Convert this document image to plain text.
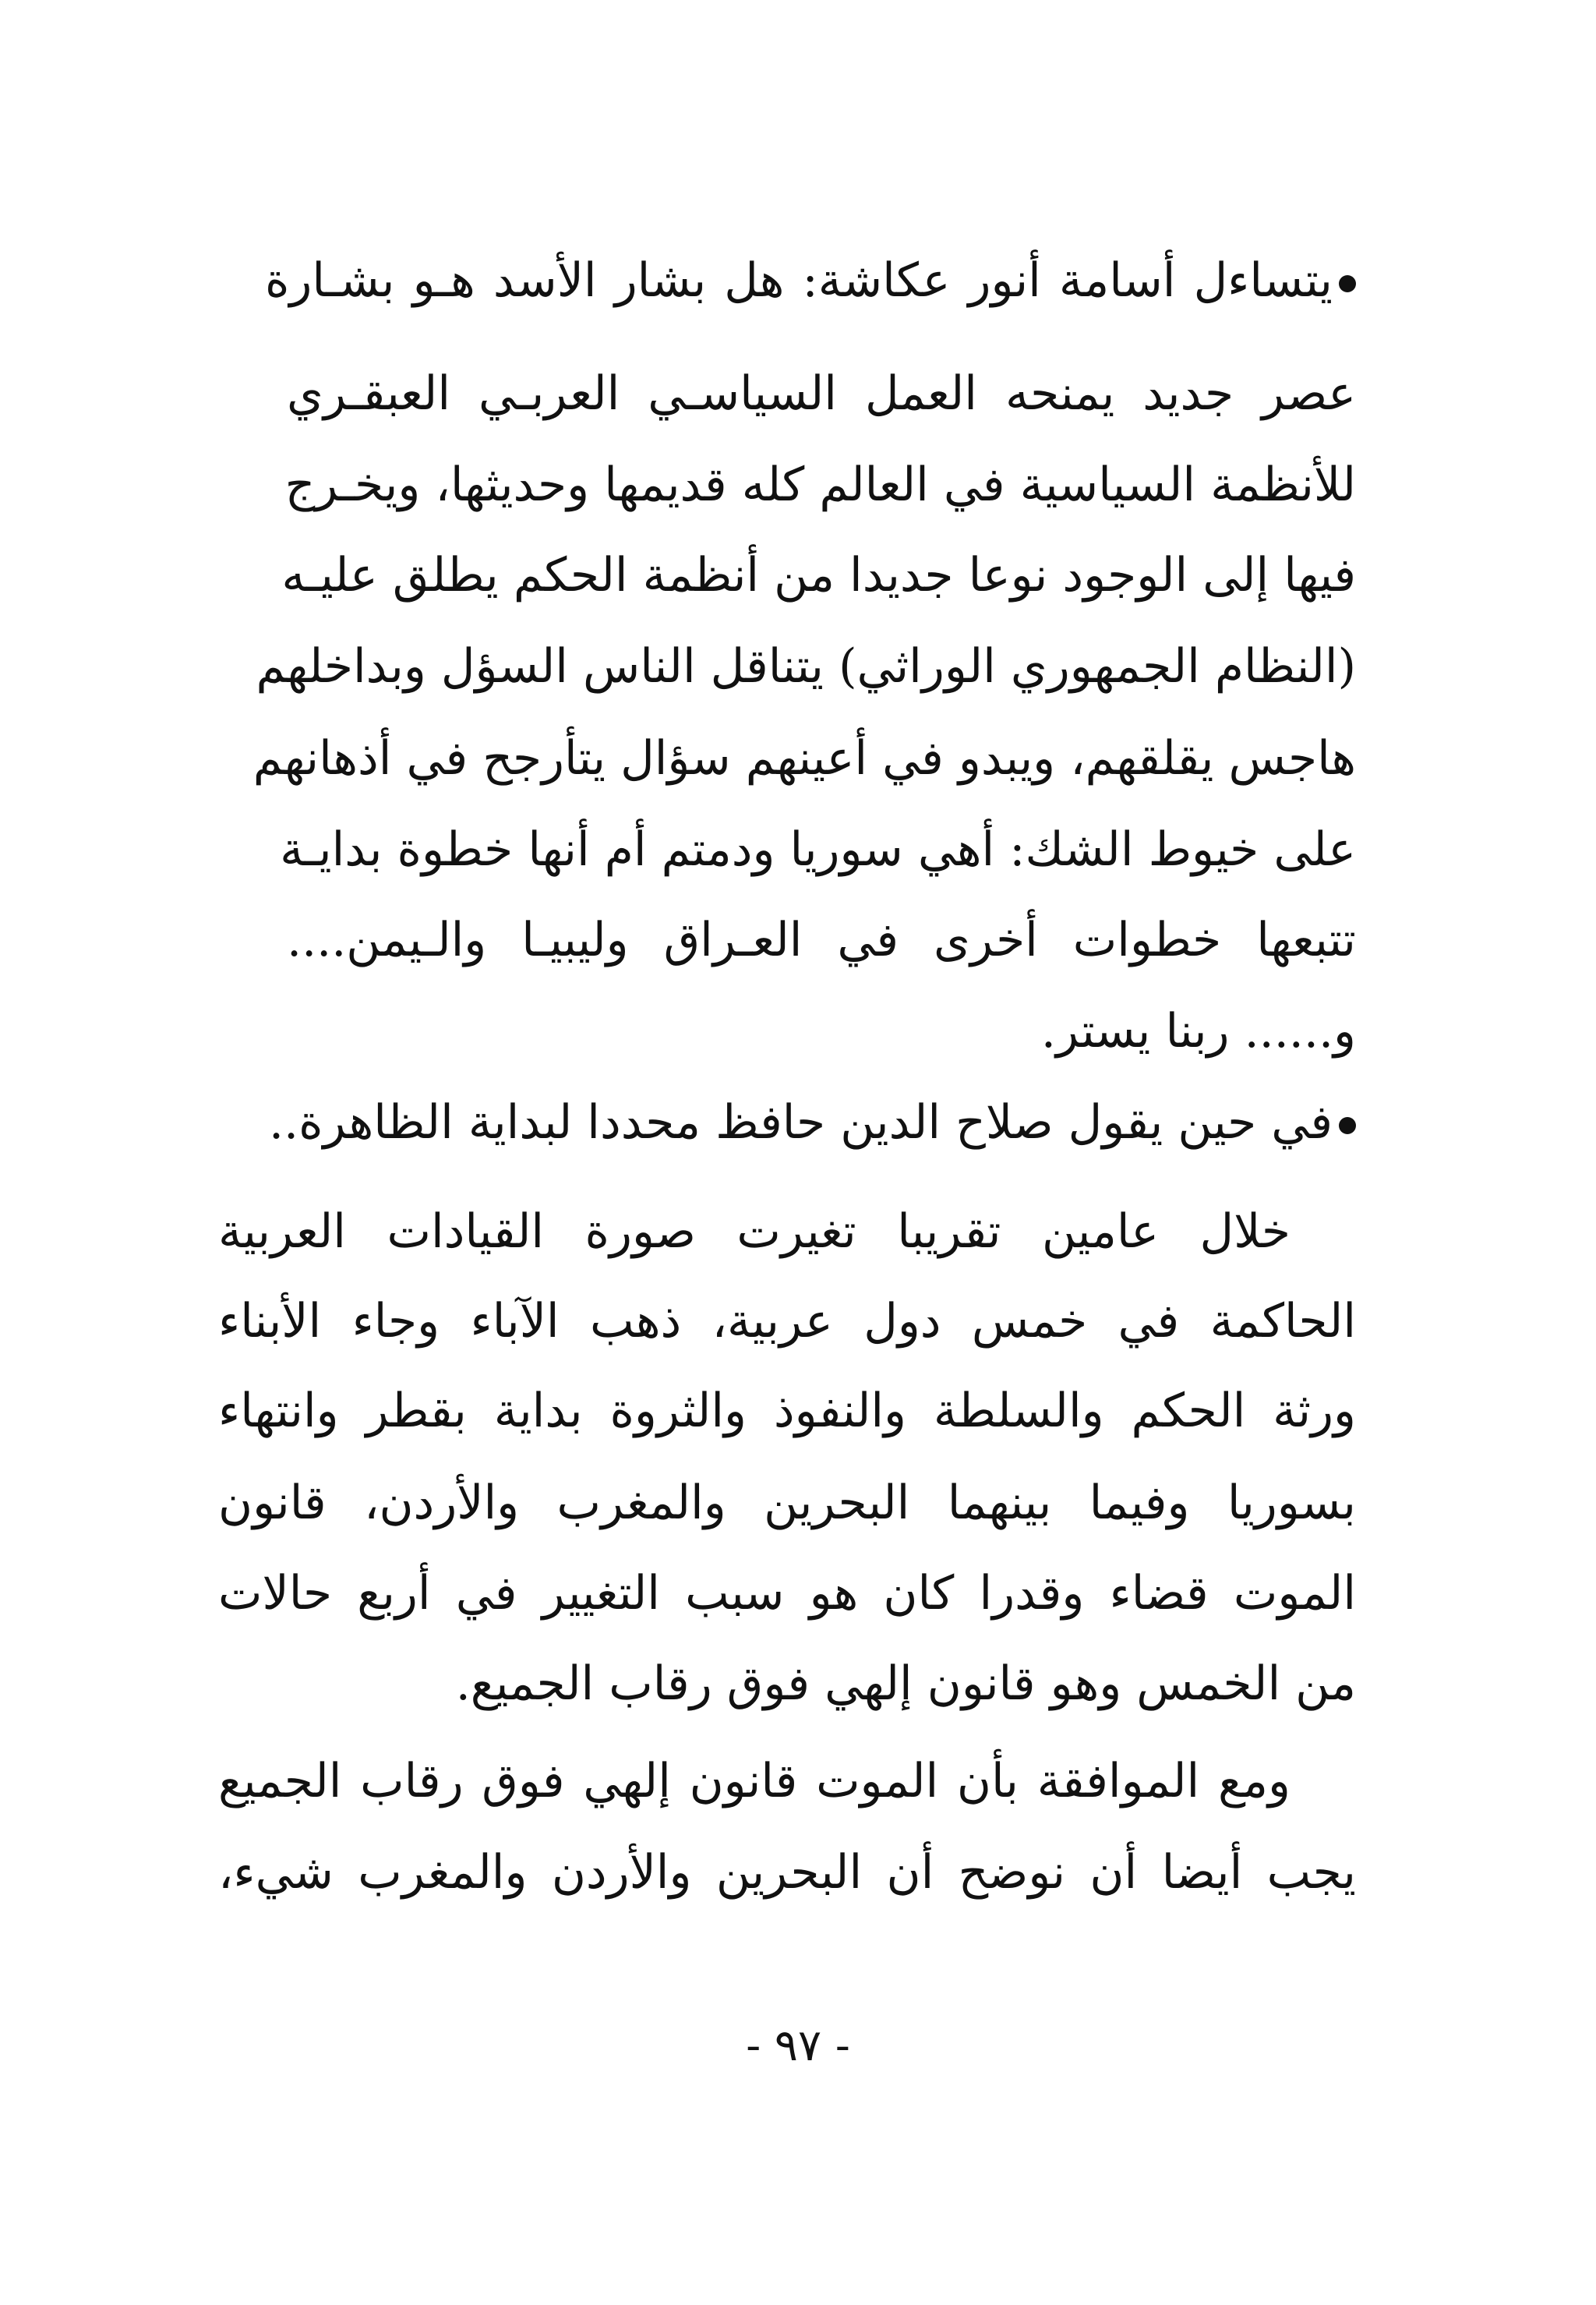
يتساءل أسامة أنور عكاشة: هل بشار الأسد هـو بشـارة
عصر جديد يمنحه العمل السياسـي العربـي العبقـري
للأنظمة السياسية في العالم كله قديمها وحديثها، ويخـرج
فيها إلى الوجود نوعا جديدا من أنظمة الحكم يطلق عليـه
(النظام الجمهوري الوراثي) يتناقل الناس السؤل وبداخلهم
هاجس يقلقهم، ويبدو في أعينهم سؤال يتأرجح في أذهانهم
على خيوط الشك: أهي سوريا ودمتم أم أنها خطوة بدايـة
تتبعها خطوات أخرى في العـراق وليبيـا والـيمن....
و...... ربنا يستر.
في حين يقول صلاح الدين حافظ محددا لبداية الظاهرة..
خلال عامين تقريبا تغيرت صورة القيادات العربية
الحاكمة في خمس دول عربية، ذهب الآباء وجاء الأبناء
ورثة الحكم والسلطة والنفوذ والثروة بداية بقطر وانتهاء
بسوريا وفيما بينهما البحرين والمغرب والأردن، قانون
الموت قضاء وقدرا كان هو سبب التغيير في أربع حالات
من الخمس وهو قانون إلهي فوق رقاب الجميع.
ومع الموافقة بأن الموت قانون إلهي فوق رقاب الجميع
يجب أيضا أن نوضح أن البحرين والأردن والمغرب شيء،
- ٩٧ -
